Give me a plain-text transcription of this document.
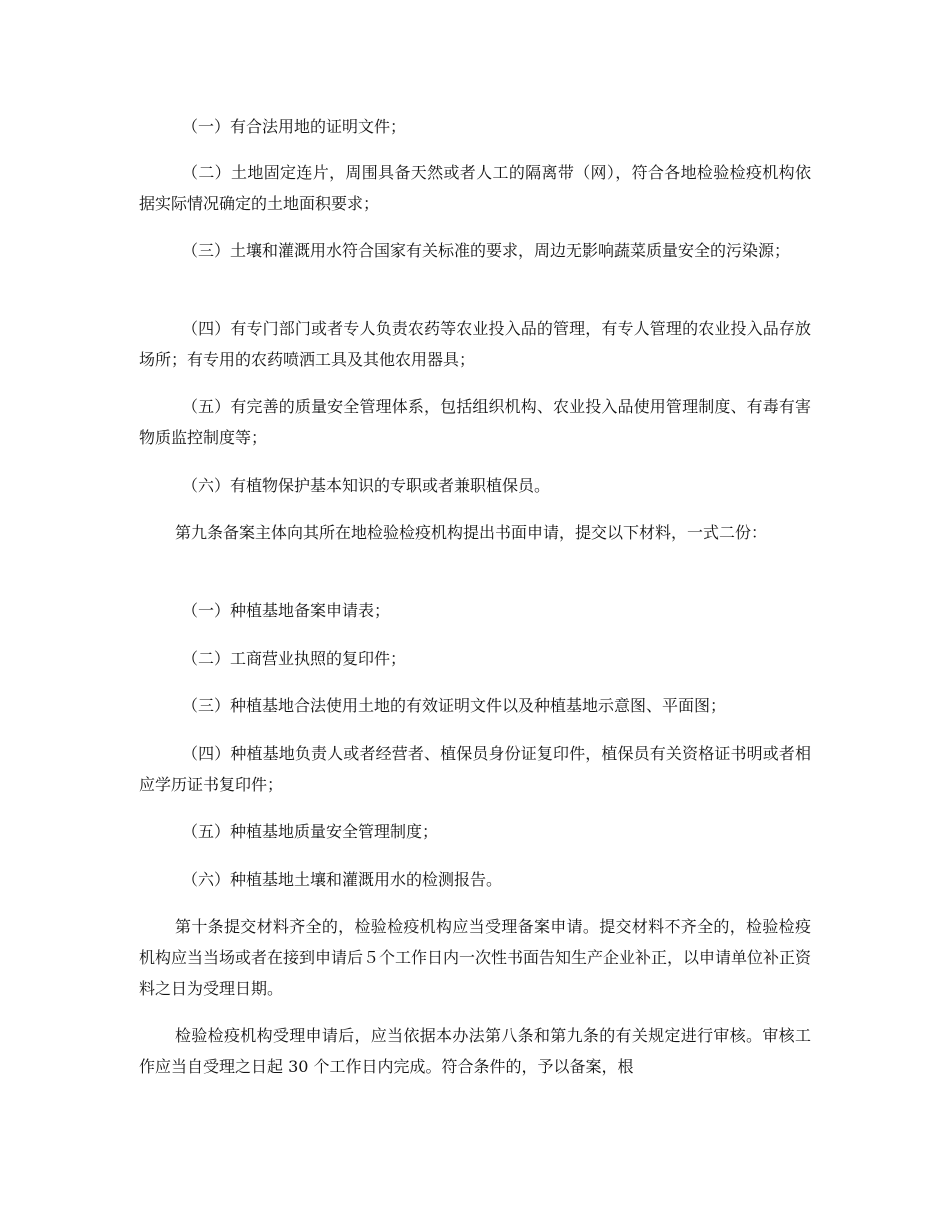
（一）有合法用地的证明文件；

（二）土地固定连片，周围具备天然或者人工的隔离带（网），符合各地检验检疫机构依据实际情况确定的土地面积要求；

（三）土壤和灌溉用水符合国家有关标准的要求，周边无影响蔬菜质量安全的污染源；

（四）有专门部门或者专人负责农药等农业投入品的管理，有专人管理的农业投入品存放场所；有专用的农药喷洒工具及其他农用器具；

（五）有完善的质量安全管理体系，包括组织机构、农业投入品使用管理制度、有毒有害物质监控制度等；

（六）有植物保护基本知识的专职或者兼职植保员。

第九条备案主体向其所在地检验检疫机构提出书面申请，提交以下材料，一式二份：

（一）种植基地备案申请表；

（二）工商营业执照的复印件；

（三）种植基地合法使用土地的有效证明文件以及种植基地示意图、平面图；

（四）种植基地负责人或者经营者、植保员身份证复印件，植保员有关资格证书明或者相应学历证书复印件；

（五）种植基地质量安全管理制度；

（六）种植基地土壤和灌溉用水的检测报告。

第十条提交材料齐全的，检验检疫机构应当受理备案申请。提交材料不齐全的，检验检疫机构应当当场或者在接到申请后５个工作日内一次性书面告知生产企业补正，以申请单位补正资料之日为受理日期。

检验检疫机构受理申请后，应当依据本办法第八条和第九条的有关规定进行审核。审核工作应当自受理之日起 30 个工作日内完成。符合条件的，予以备案，根
